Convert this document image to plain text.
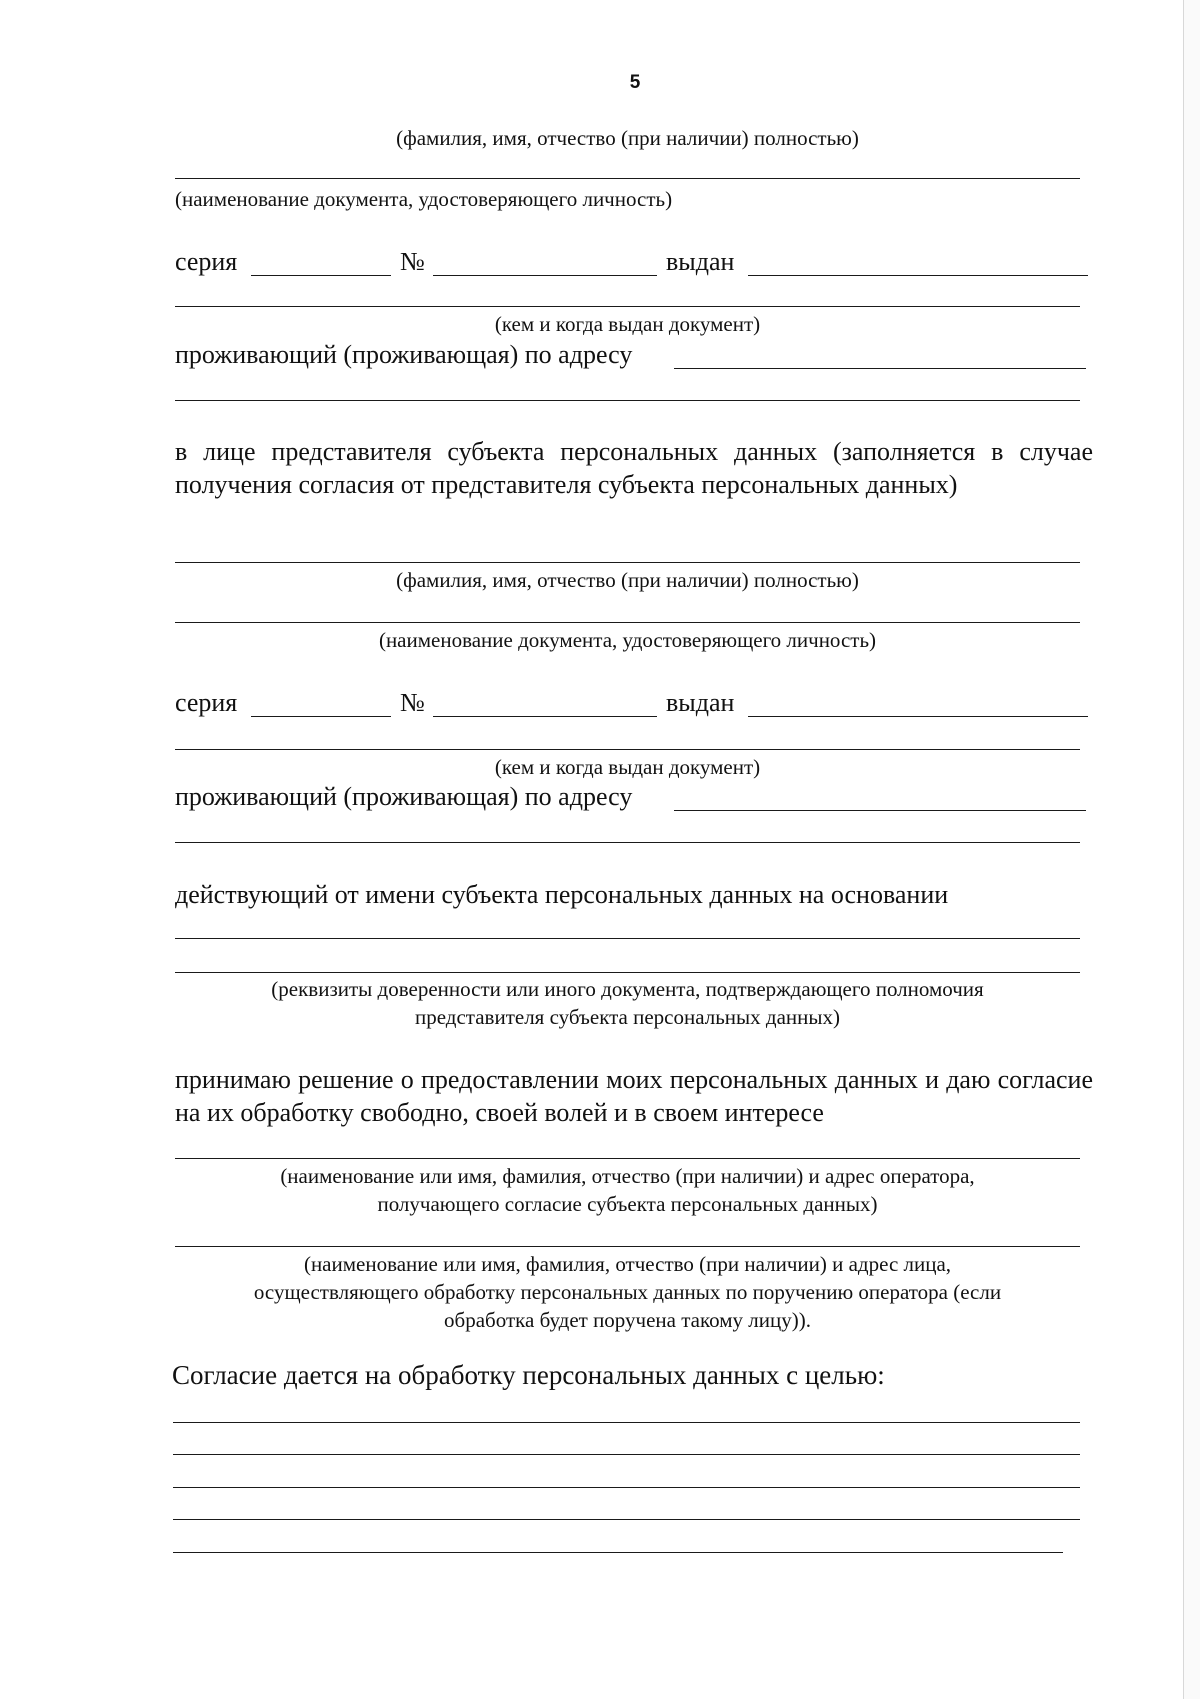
5
(фамилия, имя, отчество (при наличии) полностью)
(наименование документа, удостоверяющего личность)
серия	№	выдан
(кем и когда выдан документ)
проживающий (проживающая) по адресу
в лице представителя субъекта персональных данных (заполняется в случае получения согласия от представителя субъекта персональных данных)
(фамилия, имя, отчество (при наличии) полностью)
(наименование документа, удостоверяющего личность)
серия	№	выдан
(кем и когда выдан документ)
проживающий (проживающая) по адресу
действующий от имени субъекта персональных данных на основании
(реквизиты доверенности или иного документа, подтверждающего полномочия
представителя субъекта персональных данных)
принимаю решение о предоставлении моих персональных данных и даю согласие на их обработку свободно, своей волей и в своем интересе
(наименование или имя, фамилия, отчество (при наличии) и адрес оператора,
получающего согласие субъекта персональных данных)
(наименование или имя, фамилия, отчество (при наличии) и адрес лица,
осуществляющего обработку персональных данных по поручению оператора (если
обработка будет поручена такому лицу)).
Согласие дается на обработку персональных данных с целью:
